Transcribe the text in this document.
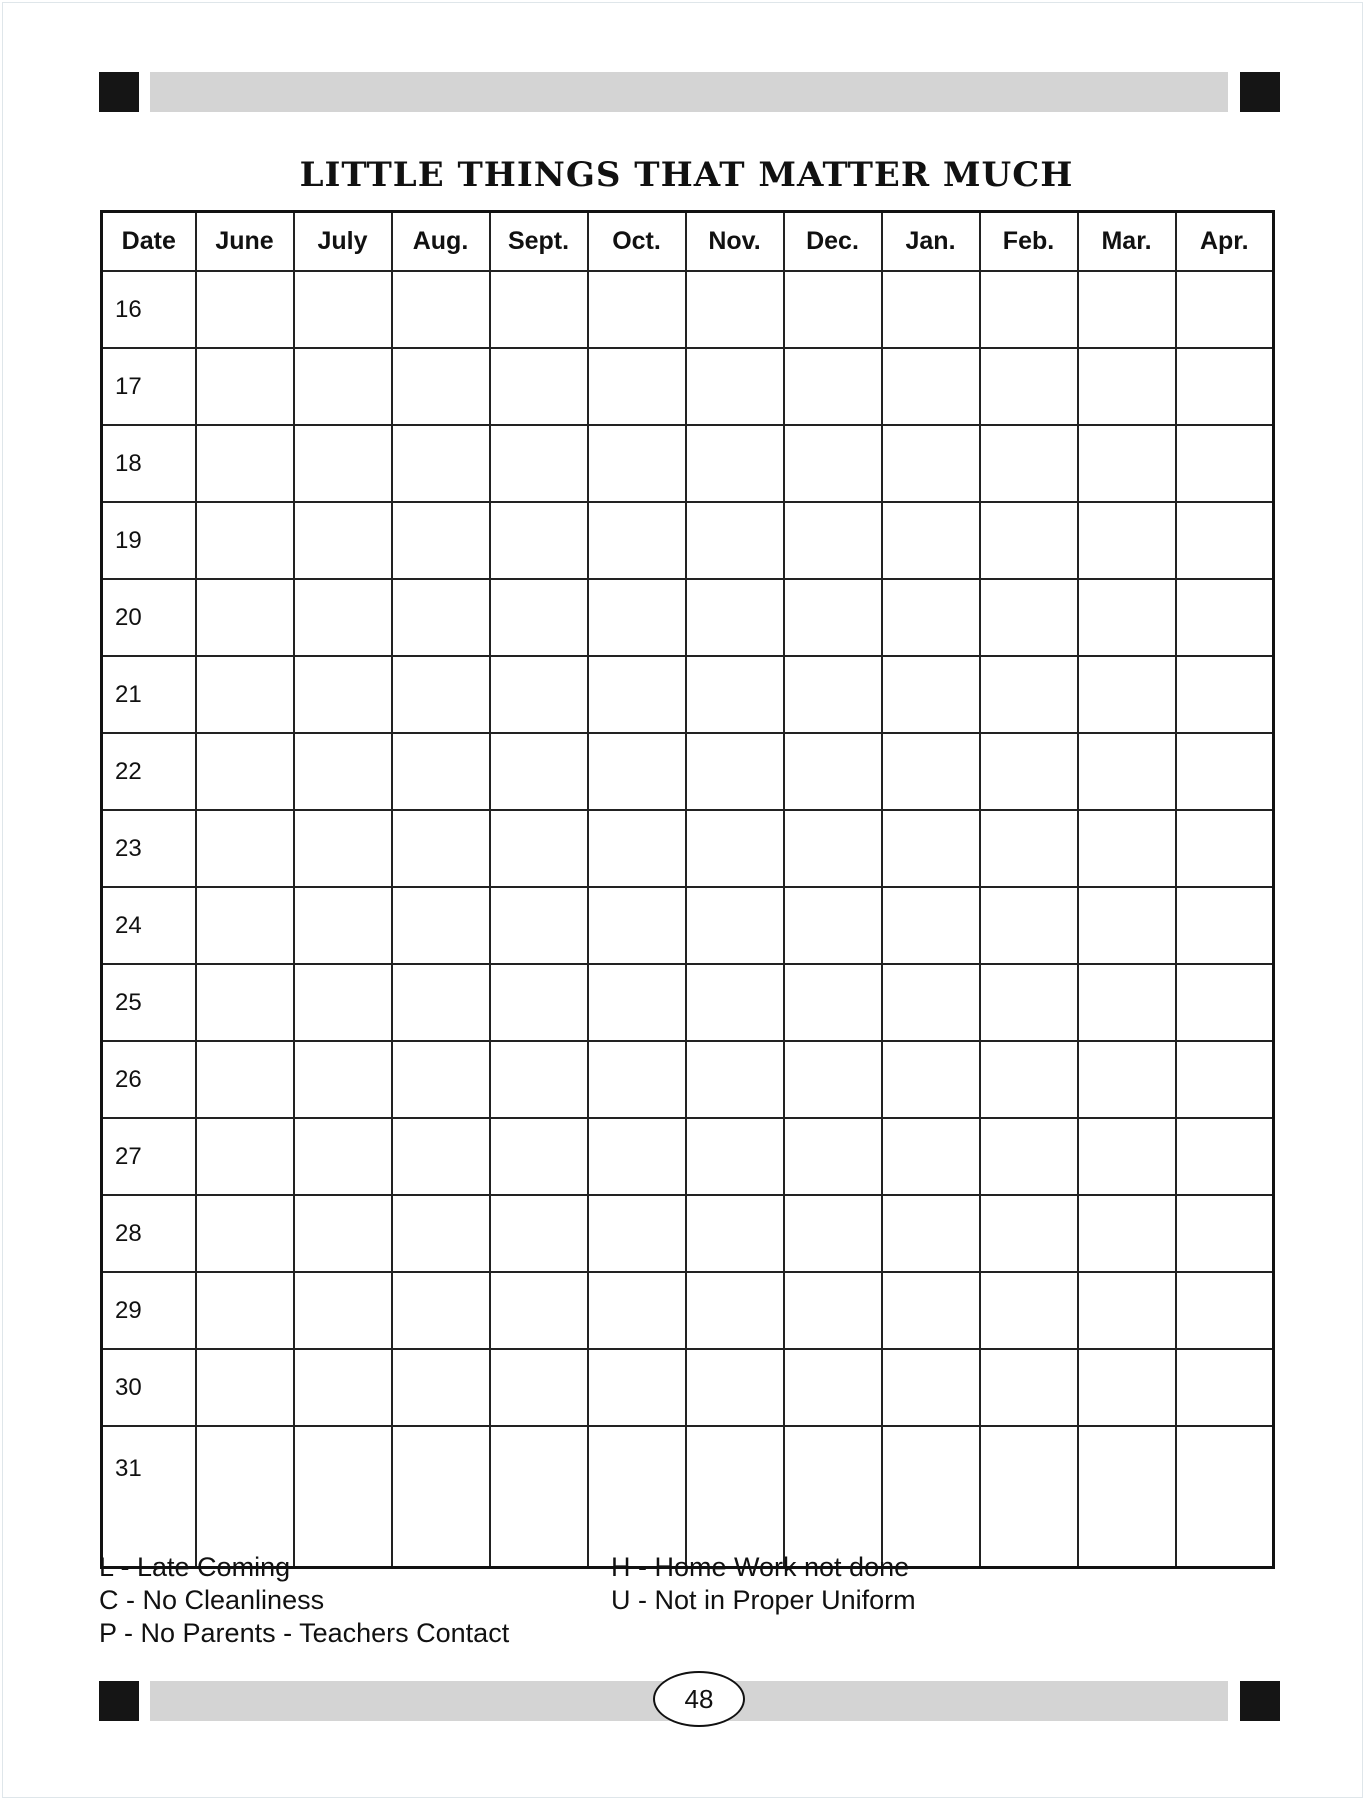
LITTLE THINGS THAT MATTER MUCH
Date	June	July	Aug.	Sept.	Oct.	Nov.	Dec.	Jan.	Feb.	Mar.	Apr.
16											
17											
18											
19											
20											
21											
22											
23											
24											
25											
26											
27											
28											
29											
30											
31											
L - Late Coming
C - No Cleanliness
P - No Parents - Teachers Contact
H - Home Work not done
U - Not in Proper Uniform
48
